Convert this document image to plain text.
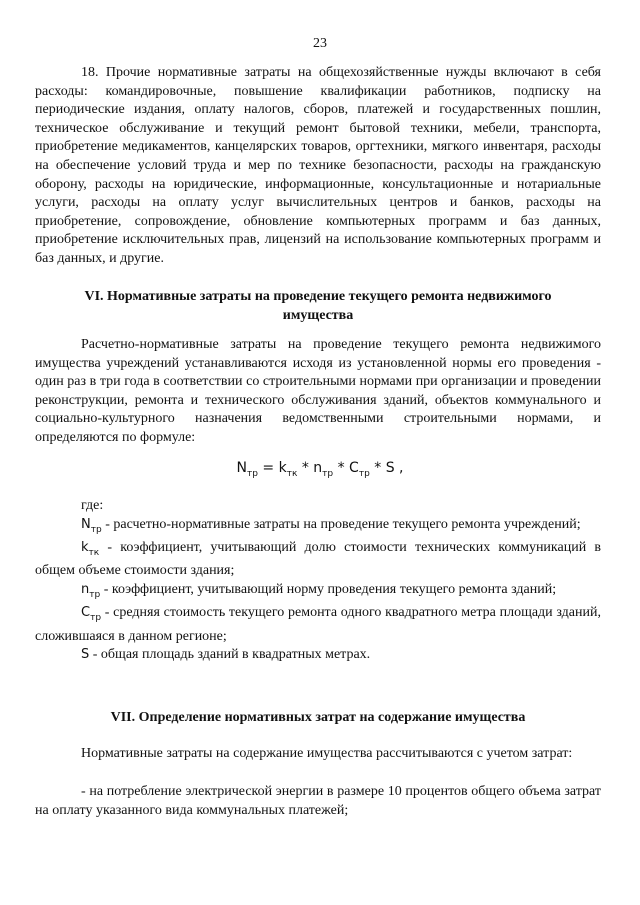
23

18. Прочие нормативные затраты на общехозяйственные нужды включают в себя расходы: командировочные, повышение квалификации работников, подписку на периодические издания, оплату налогов, сборов, платежей и государственных пошлин, техническое обслуживание и текущий ремонт бытовой техники, мебели, транспорта, приобретение медикаментов, канцелярских товаров, оргтехники, мягкого инвентаря, расходы на обеспечение условий труда и мер по технике безопасности, расходы на гражданскую оборону, расходы на юридические, информационные, консультационные и нотариальные услуги, расходы на оплату услуг вычислительных центров и банков, расходы на приобретение, сопровождение, обновление компьютерных программ и баз данных, приобретение исключительных прав, лицензий на использование компьютерных программ и баз данных, и другие.

VI. Нормативные затраты на проведение текущего ремонта недвижимого
имущества

Расчетно-нормативные затраты на проведение текущего ремонта недвижимого имущества учреждений устанавливаются исходя из установленной нормы его проведения - один раз в три года в соответствии со строительными нормами при организации и проведении реконструкции, ремонта и технического обслуживания зданий, объектов коммунального и социально-культурного назначения ведомственными строительными нормами, и определяются по формуле:

$N_{тр} = k_{тк} * n_{тр} * C_{тр} * S$ ,
где:

$N_{тр}$ - расчетно-нормативные затраты на проведение текущего ремонта учреждений;

$k_{тк}$ - коэффициент, учитывающий долю стоимости технических коммуникаций в общем объеме стоимости здания;

$n_{тр}$ - коэффициент, учитывающий норму проведения текущего ремонта зданий;

$C_{тр}$ - средняя стоимость текущего ремонта одного квадратного метра площади зданий, сложившаяся в данном регионе;

S - общая площадь зданий в квадратных метрах.

VII. Определение нормативных затрат на содержание имущества

Нормативные затраты на содержание имущества рассчитываются с учетом затрат:

- на потребление электрической энергии в размере 10 процентов общего объема затрат на оплату указанного вида коммунальных платежей;
